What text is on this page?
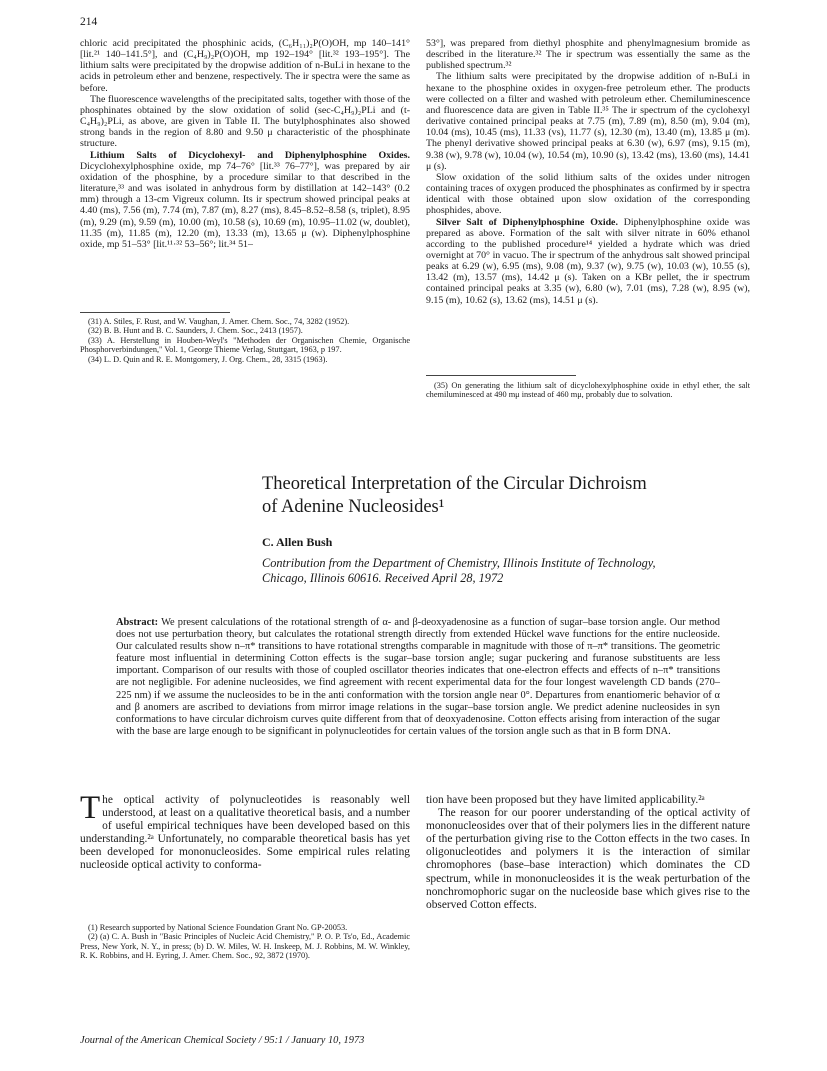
214

chloric acid precipitated the phosphinic acids, (C₆H₁₁)₂P(O)OH, mp 140–141° [lit.²¹ 140–141.5°], and (C₄H₉)₂P(O)OH, mp 192–194° [lit.³² 193–195°]. The lithium salts were precipitated by the dropwise addition of n-BuLi in hexane to the acids in petroleum ether and benzene, respectively. The ir spectra were the same as before.

The fluorescence wavelengths of the precipitated salts, together with those of the phosphinates obtained by the slow oxidation of solid (sec-C₄H₉)₂PLi and (t-C₄H₉)₂PLi, as above, are given in Table II. The butylphosphinates also showed strong bands in the region of 8.80 and 9.50 μ characteristic of the phosphinate structure.

Lithium Salts of Dicyclohexyl- and Diphenylphosphine Oxides. Dicyclohexylphosphine oxide, mp 74–76° [lit.³³ 76–77°], was prepared by air oxidation of the phosphine, by a procedure similar to that described in the literature,³³ and was isolated in anhydrous form by distillation at 142–143° (0.2 mm) through a 13-cm Vigreux column. Its ir spectrum showed principal peaks at 4.40 (ms), 7.56 (m), 7.74 (m), 7.87 (m), 8.27 (ms), 8.45–8.52–8.58 (s, triplet), 8.95 (m), 9.29 (m), 9.59 (m), 10.00 (m), 10.58 (s), 10.69 (m), 10.95–11.02 (w, doublet), 11.35 (m), 11.85 (m), 12.20 (m), 13.33 (m), 13.65 μ (w). Diphenylphosphine oxide, mp 51–53° [lit.¹¹·³² 53–56°; lit.³⁴ 51–

(31) A. Stiles, F. Rust, and W. Vaughan, J. Amer. Chem. Soc., 74, 3282 (1952).

(32) B. B. Hunt and B. C. Saunders, J. Chem. Soc., 2413 (1957).

(33) A. Herstellung in Houben-Weyl's "Methoden der Organischen Chemie, Organische Phosphorverbindungen," Vol. 1, George Thieme Verlag, Stuttgart, 1963, p 197.

(34) L. D. Quin and R. E. Montgomery, J. Org. Chem., 28, 3315 (1963).

53°], was prepared from diethyl phosphite and phenylmagnesium bromide as described in the literature.³² The ir spectrum was essentially the same as the published spectrum.³²

The lithium salts were precipitated by the dropwise addition of n-BuLi in hexane to the phosphine oxides in oxygen-free petroleum ether. The products were collected on a filter and washed with petroleum ether. Chemiluminescence and fluorescence data are given in Table II.³⁵ The ir spectrum of the cyclohexyl derivative contained principal peaks at 7.75 (m), 7.89 (m), 8.50 (m), 9.04 (m), 10.04 (ms), 10.45 (ms), 11.33 (vs), 11.77 (s), 12.30 (m), 13.40 (m), 13.85 μ (m). The phenyl derivative showed principal peaks at 6.30 (w), 6.97 (ms), 9.15 (m), 9.38 (w), 9.78 (w), 10.04 (w), 10.54 (m), 10.90 (s), 13.42 (ms), 13.60 (ms), 14.41 μ (s).

Slow oxidation of the solid lithium salts of the oxides under nitrogen containing traces of oxygen produced the phosphinates as confirmed by ir spectra identical with those obtained upon slow oxidation of the corresponding phosphides, above.

Silver Salt of Diphenylphosphine Oxide. Diphenylphosphine oxide was prepared as above. Formation of the salt with silver nitrate in 60% ethanol according to the published procedure¹⁴ yielded a hydrate which was dried overnight at 70° in vacuo. The ir spectrum of the anhydrous salt showed principal peaks at 6.29 (w), 6.95 (ms), 9.08 (m), 9.37 (w), 9.75 (w), 10.03 (w), 10.55 (s), 13.42 (m), 13.57 (ms), 14.42 μ (s). Taken on a KBr pellet, the ir spectrum contained principal peaks at 3.35 (w), 6.80 (w), 7.01 (ms), 7.28 (w), 8.95 (w), 9.15 (m), 10.62 (s), 13.62 (ms), 14.51 μ (s).

(35) On generating the lithium salt of dicyclohexylphosphine oxide in ethyl ether, the salt chemiluminesced at 490 mμ instead of 460 mμ, probably due to solvation.

Theoretical Interpretation of the Circular Dichroism
of Adenine Nucleosides¹
C. Allen Bush
Contribution from the Department of Chemistry, Illinois Institute of Technology,
Chicago, Illinois 60616. Received April 28, 1972
Abstract: We present calculations of the rotational strength of α- and β-deoxyadenosine as a function of sugar–base torsion angle. Our method does not use perturbation theory, but calculates the rotational strength directly from extended Hückel wave functions for the entire nucleoside. Our calculated results show n–π* transitions to have rotational strengths comparable in magnitude with those of π–π* transitions. The geometric feature most influential in determining Cotton effects is the sugar–base torsion angle; sugar puckering and furanose substituents are less important. Comparison of our results with those of coupled oscillator theories indicates that one-electron effects and effects of n–π* transitions are not negligible. For adenine nucleosides, we find agreement with recent experimental data for the four longest wavelength CD bands (270–225 nm) if we assume the nucleosides to be in the anti conformation with the torsion angle near 0°. Departures from enantiomeric behavior of α and β anomers are ascribed to deviations from mirror image relations in the sugar–base torsion angle. We predict adenine nucleosides in syn conformations to have circular dichroism curves quite different from that of deoxyadenosine. Cotton effects arising from interaction of the sugar with the base are large enough to be significant in polynucleotides for certain values of the torsion angle such as that in B form DNA.

The optical activity of polynucleotides is reasonably well understood, at least on a qualitative theoretical basis, and a number of useful empirical techniques have been developed based on this understanding.²ᵃ Unfortunately, no comparable theoretical basis has yet been developed for mononucleosides. Some empirical rules relating nucleoside optical activity to conforma-

(1) Research supported by National Science Foundation Grant No. GP-20053.

(2) (a) C. A. Bush in "Basic Principles of Nucleic Acid Chemistry," P. O. P. Ts'o, Ed., Academic Press, New York, N. Y., in press; (b) D. W. Miles, W. H. Inskeep, M. J. Robbins, M. W. Winkley, R. K. Robbins, and H. Eyring, J. Amer. Chem. Soc., 92, 3872 (1970).

tion have been proposed but they have limited applicability.²ᵃ

The reason for our poorer understanding of the optical activity of mononucleosides over that of their polymers lies in the different nature of the perturbation giving rise to the Cotton effects in the two cases. In oligonucleotides and polymers it is the interaction of similar chromophores (base–base interaction) which dominates the CD spectrum, while in mononucleosides it is the weak perturbation of the nonchromophoric sugar on the nucleoside base which gives rise to the observed Cotton effects.

Journal of the American Chemical Society / 95:1 / January 10, 1973
